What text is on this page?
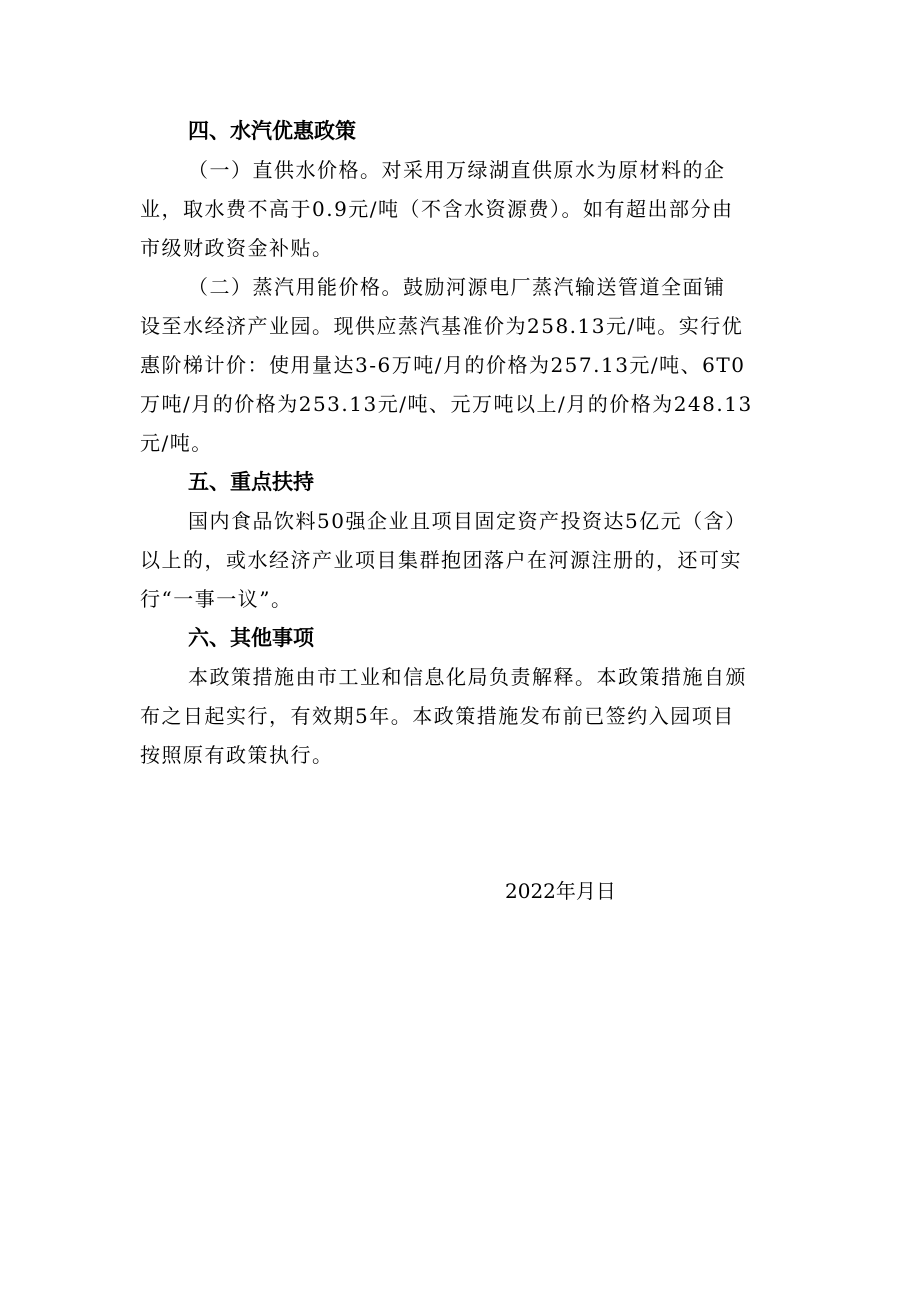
四、水汽优惠政策

（一）直供水价格。对采用万绿湖直供原水为原材料的企
业，取水费不高于0.9元/吨（不含水资源费）。如有超出部分由
市级财政资金补贴。

（二）蒸汽用能价格。鼓励河源电厂蒸汽输送管道全面铺
设至水经济产业园。现供应蒸汽基准价为258.13元/吨。实行优
惠阶梯计价：使用量达3-6万吨/月的价格为257.13元/吨、6T0
万吨/月的价格为253.13元/吨、元万吨以上/月的价格为248.13
元/吨。

五、重点扶持

国内食品饮料50强企业且项目固定资产投资达5亿元（含）
以上的，或水经济产业项目集群抱团落户在河源注册的，还可实
行“一事一议”。

六、其他事项

本政策措施由市工业和信息化局负责解释。本政策措施自颁
布之日起实行，有效期5年。本政策措施发布前已签约入园项目
按照原有政策执行。

2022年月日
